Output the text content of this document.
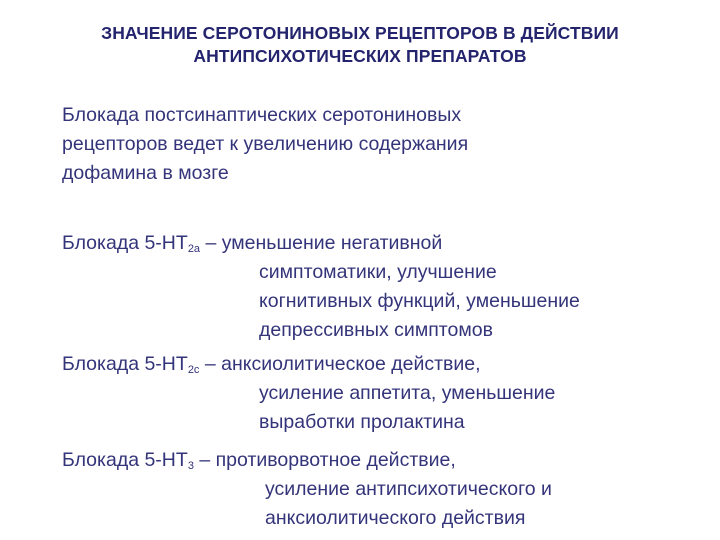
ЗНАЧЕНИЕ СЕРОТОНИНОВЫХ РЕЦЕПТОРОВ В ДЕЙСТВИИ
АНТИПСИХОТИЧЕСКИХ ПРЕПАРАТОВ
Блокада постсинаптических серотониновых
рецепторов ведет к увеличению содержания
дофамина в мозге
Блокада $5-НТ_{2а}$ – уменьшение негативной
симптоматики, улучшение
когнитивных функций, уменьшение
депрессивных симптомов
Блокада $5-НТ_{2с}$ – анксиолитическое действие,
усиление аппетита, уменьшение
выработки пролактина
Блокада $5-НТ_3$ – противорвотное действие,
усиление антипсихотического и
анксиолитического действия
